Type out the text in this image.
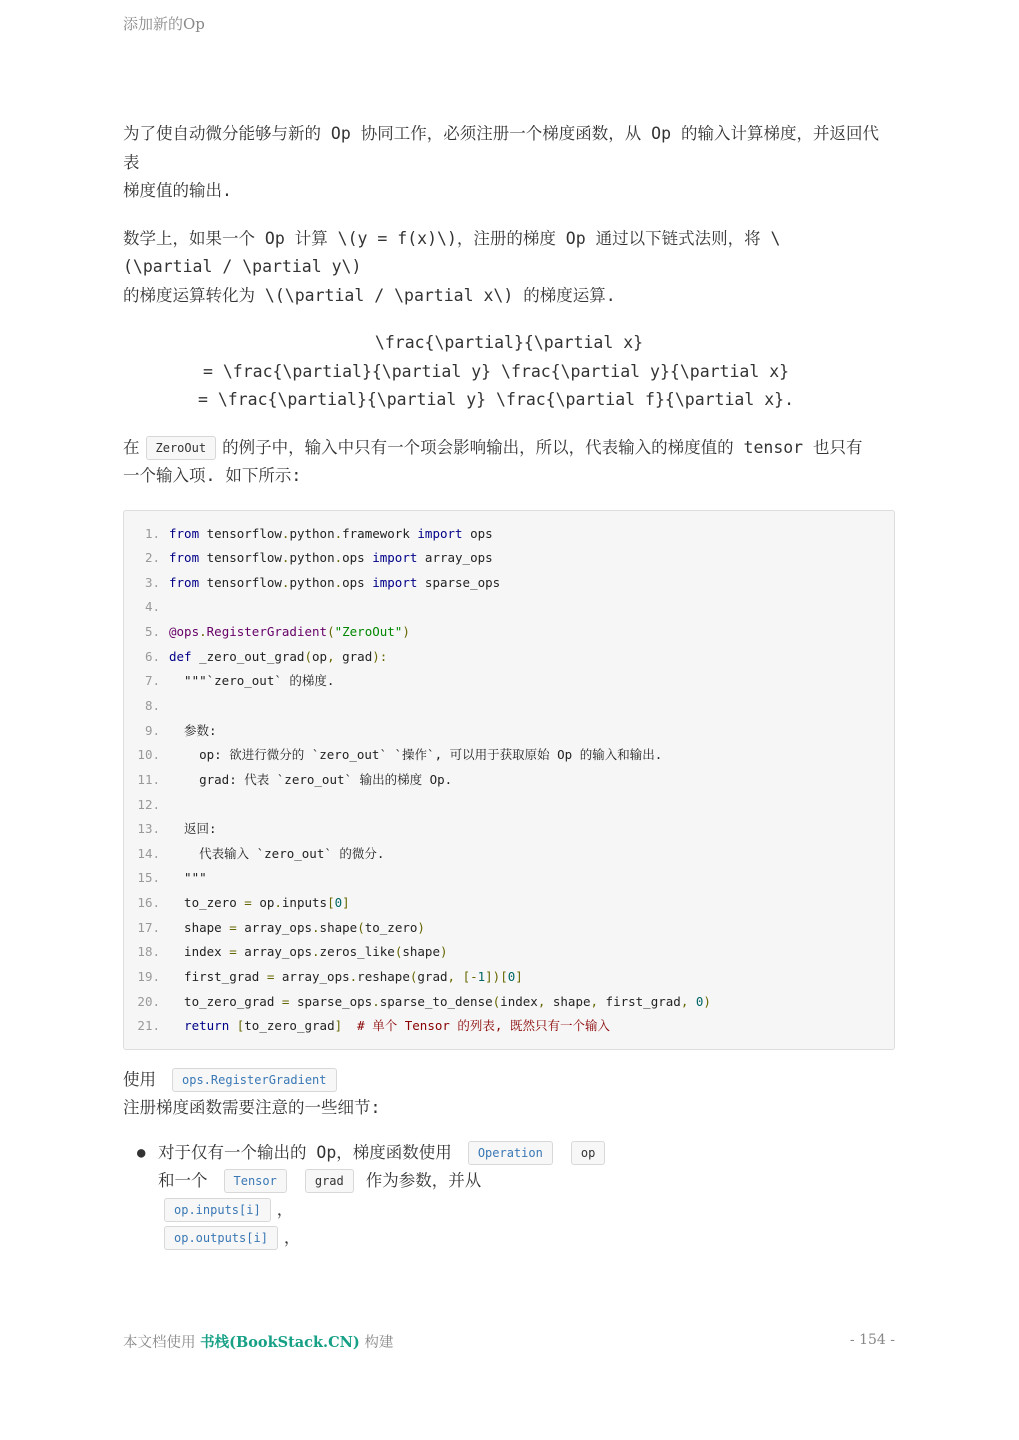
添加新的Op

为了使自动微分能够与新的 Op 协同工作，必须注册一个梯度函数，从 Op 的输入计算梯度，并返回代表
梯度值的输出.

数学上，如果一个 Op 计算 \(y = f(x)\)，注册的梯度 Op 通过以下链式法则，将 \
(\partial / \partial y\)
的梯度运算转化为 \(\partial / \partial x\) 的梯度运算.

\frac{\partial}{\partial x}
= \frac{\partial}{\partial y} \frac{\partial y}{\partial x}
= \frac{\partial}{\partial y} \frac{\partial f}{\partial x}.

在 ZeroOut 的例子中，输入中只有一个项会影响输出，所以，代表输入的梯度值的 tensor 也只有
一个输入项. 如下所示:

1. from tensorflow.python.framework import ops
2. from tensorflow.python.ops import array_ops
3. from tensorflow.python.ops import sparse_ops
4.
5. @ops.RegisterGradient("ZeroOut")
6. def _zero_out_grad(op, grad):
7. """`zero_out` 的梯度.
8.
9. 参数:
10. op: 欲进行微分的 `zero_out` `操作`, 可以用于获取原始 Op 的输入和输出.
11. grad: 代表 `zero_out` 输出的梯度 Op.
12.
13. 返回:
14. 代表输入 `zero_out` 的微分.
15. """
16. to_zero = op.inputs[0]
17. shape = array_ops.shape(to_zero)
18. index = array_ops.zeros_like(shape)
19. first_grad = array_ops.reshape(grad, [-1])[0]
20. to_zero_grad = sparse_ops.sparse_to_dense(index, shape, first_grad, 0)
21.	return [to_zero_grad]  # 单个 Tensor 的列表, 既然只有一个输入

使用 ops.RegisterGradient
注册梯度函数需要注意的一些细节:

● 对于仅有一个输出的 Op，梯度函数使用 Operation	op
和一个 Tensor	grad 作为参数，并从
op.inputs[i] ，
op.outputs[i] ，
本文档使用 书栈(BookStack.CN) 构建	- 154 -
